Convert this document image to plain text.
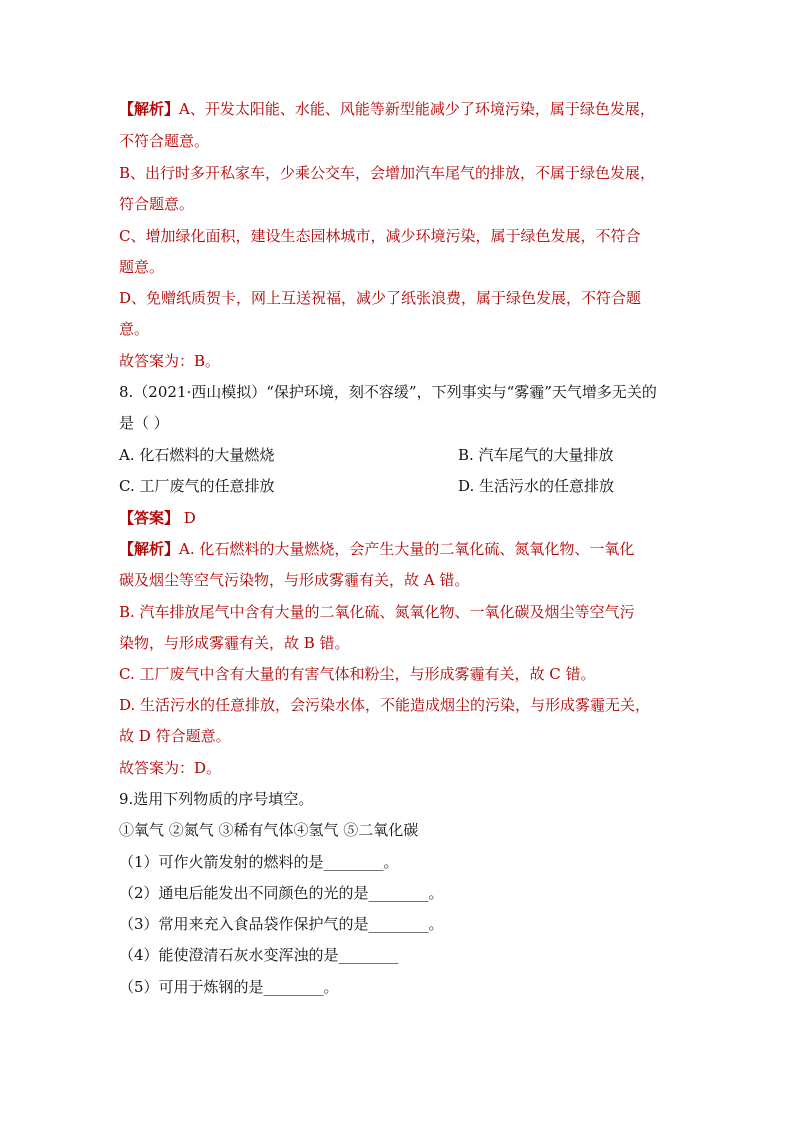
【解析】A、开发太阳能、水能、风能等新型能减少了环境污染，属于绿色发展，
不符合题意。
B、出行时多开私家车，少乘公交车，会增加汽车尾气的排放，不属于绿色发展，
符合题意。
C、增加绿化面积，建设生态园林城市，减少环境污染，属于绿色发展，不符合
题意。
D、免赠纸质贺卡，网上互送祝福，减少了纸张浪费，属于绿色发展，不符合题
意。
故答案为：B。
8.（2021·西山模拟）“保护环境，刻不容缓”，下列事实与“雾霾”天气增多无关的
是（ ）
A. 化石燃料的大量燃烧	B. 汽车尾气的大量排放
C. 工厂废气的任意排放	D. 生活污水的任意排放
【答案】 D
【解析】A. 化石燃料的大量燃烧，会产生大量的二氧化硫、氮氧化物、一氧化
碳及烟尘等空气污染物，与形成雾霾有关，故 A 错。
B. 汽车排放尾气中含有大量的二氧化硫、氮氧化物、一氧化碳及烟尘等空气污
染物，与形成雾霾有关，故 B 错。
C. 工厂废气中含有大量的有害气体和粉尘，与形成雾霾有关，故 C 错。
D. 生活污水的任意排放，会污染水体，不能造成烟尘的污染，与形成雾霾无关，
故 D 符合题意。
故答案为：D。
9.选用下列物质的序号填空。
①氧气 ②氮气 ③稀有气体④氢气 ⑤二氧化碳
（1）可作火箭发射的燃料的是________。
（2）通电后能发出不同颜色的光的是________。
（3）常用来充入食品袋作保护气的是________。
（4）能使澄清石灰水变浑浊的是________
（5）可用于炼钢的是________。
